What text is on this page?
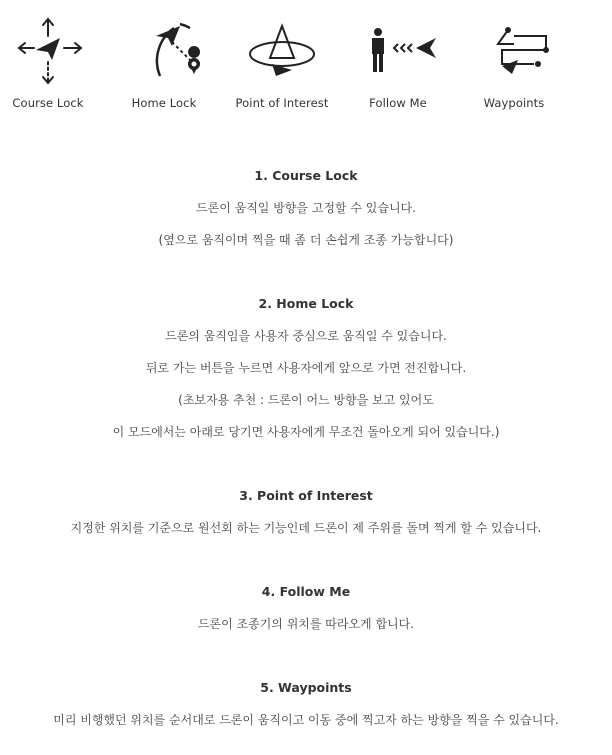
Course Lock	Home Lock	Point of Interest	Follow Me	Waypoints

1. Course Lock

드론이 움직일 방향을 고정할 수 있습니다.

(옆으로 움직이며 찍을 때 좀 더 손쉽게 조종 가능합니다)

2. Home Lock

드론의 움직임을 사용자 중심으로 움직일 수 있습니다.

뒤로 가는 버튼을 누르면 사용자에게 앞으로 가면 전진합니다.

(초보자용 추천 : 드론이 어느 방향을 보고 있어도

이 모드에서는 아래로 당기면 사용자에게 무조건 돌아오게 되어 있습니다.)

3. Point of Interest

지정한 위치를 기준으로 원선회 하는 기능인데 드론이 제 주위를 돌며 찍게 할 수 있습니다.

4. Follow Me

드론이 조종기의 위치를 따라오게 합니다.

5. Waypoints

미리 비행했던 위치를 순서대로 드론이 움직이고 이동 중에 찍고자 하는 방향을 찍을 수 있습니다.
